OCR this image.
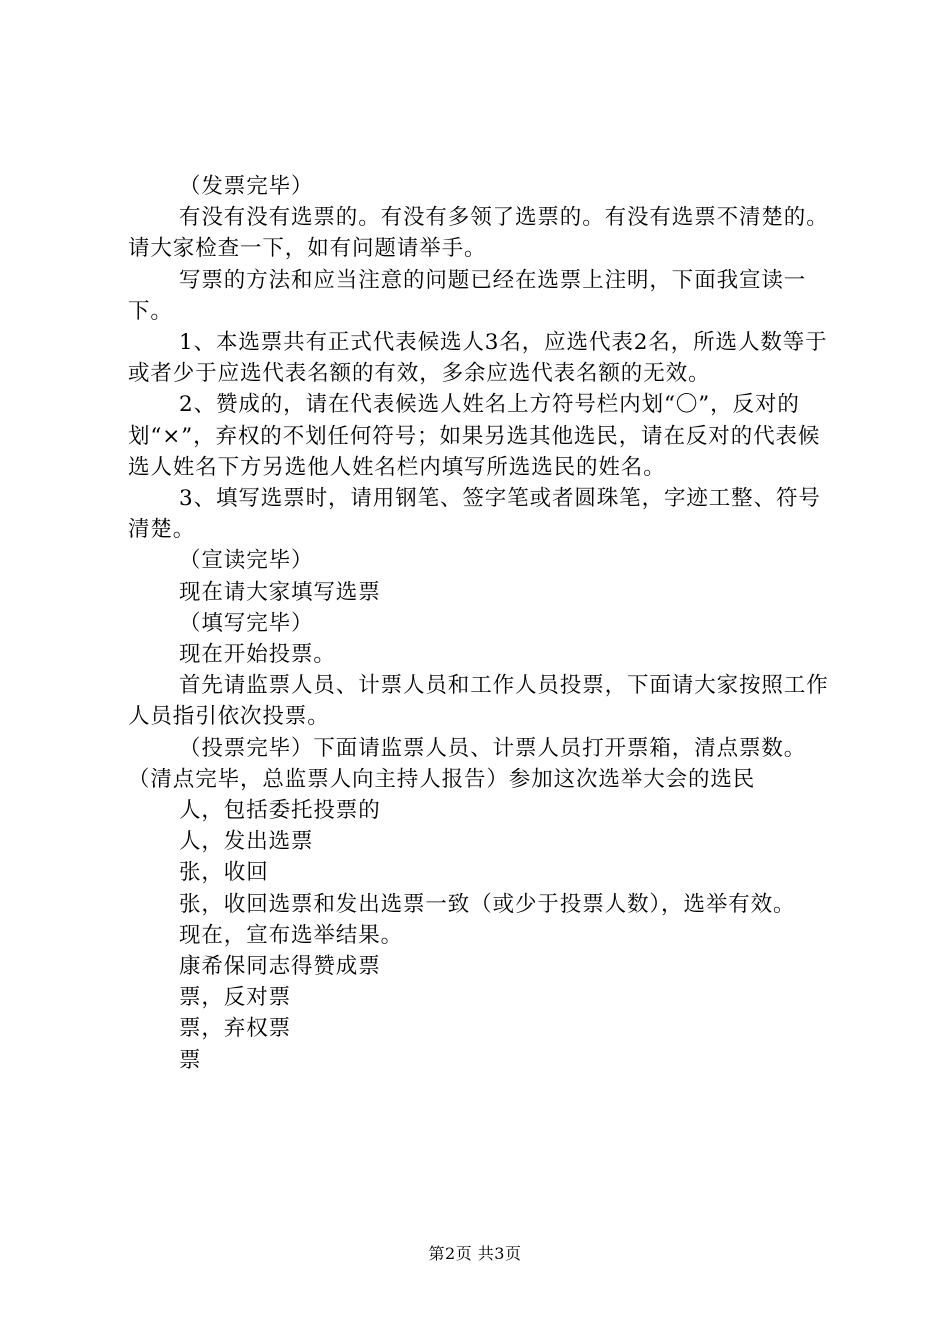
（发票完毕）

有没有没有选票的。有没有多领了选票的。有没有选票不清楚的。请大家检查一下，如有问题请举手。

写票的方法和应当注意的问题已经在选票上注明，下面我宣读一下。

1、本选票共有正式代表候选人3名，应选代表2名，所选人数等于或者少于应选代表名额的有效，多余应选代表名额的无效。

2、赞成的，请在代表候选人姓名上方符号栏内划“〇”，反对的划“×”，弃权的不划任何符号；如果另选其他选民，请在反对的代表候选人姓名下方另选他人姓名栏内填写所选选民的姓名。

3、填写选票时，请用钢笔、签字笔或者圆珠笔，字迹工整、符号清楚。

（宣读完毕）

现在请大家填写选票

（填写完毕）

现在开始投票。

首先请监票人员、计票人员和工作人员投票，下面请大家按照工作人员指引依次投票。

（投票完毕）下面请监票人员、计票人员打开票箱，清点票数。（清点完毕，总监票人向主持人报告）参加这次选举大会的选民

人，包括委托投票的

人，发出选票

张，收回

张，收回选票和发出选票一致（或少于投票人数），选举有效。

现在，宣布选举结果。

康希保同志得赞成票

票，反对票

票，弃权票

票

第2页 共3页
